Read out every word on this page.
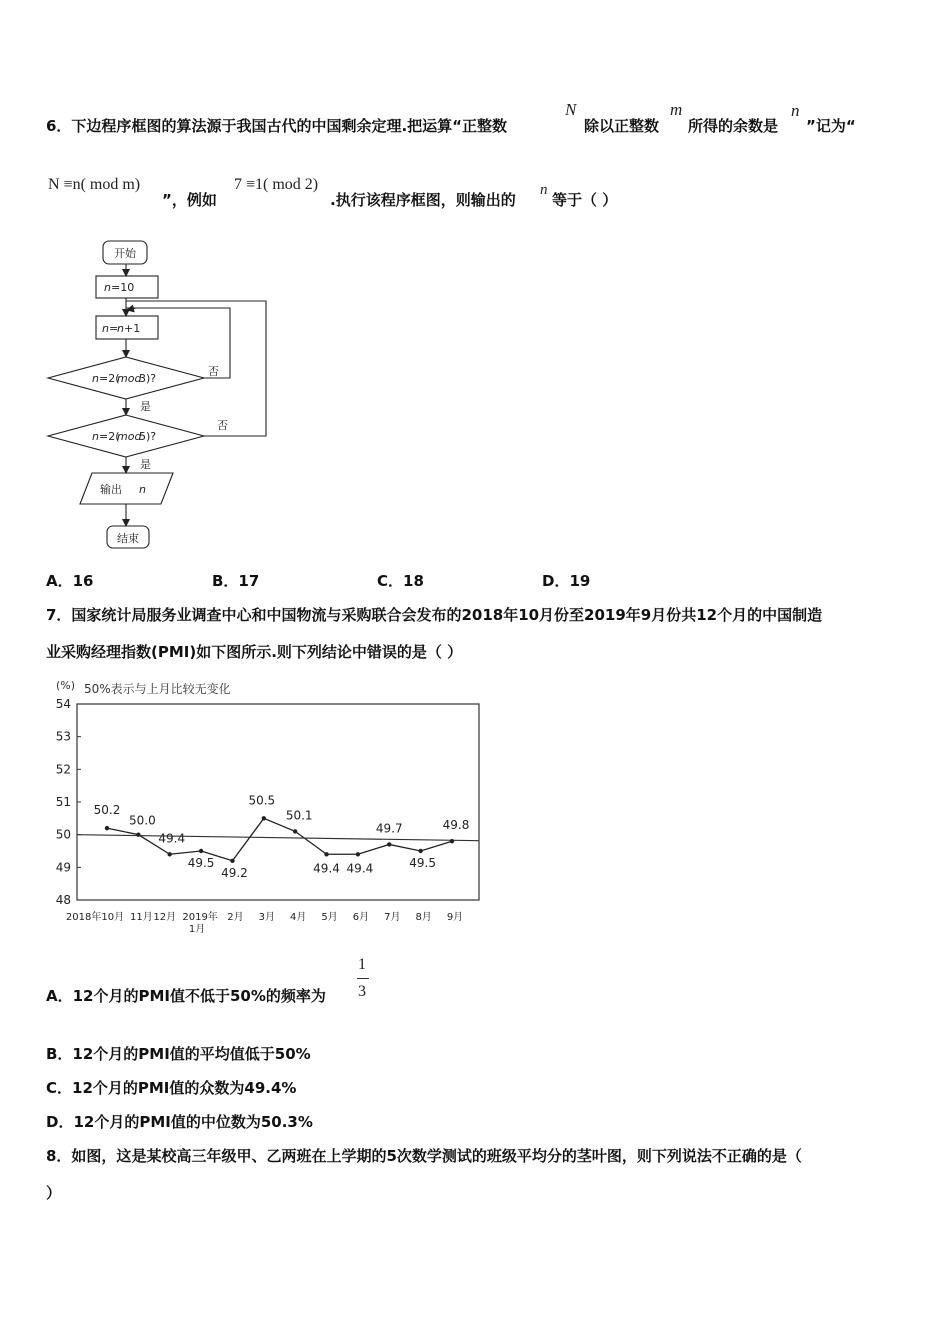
6．下边程序框图的算法源于我国古代的中国剩余定理.把运算“正整数
N
除以正整数
m
所得的余数是
n
”记为“
N ≡n( mod m)
”，例如
7 ≡1( mod 2)
.执行该程序框图，则输出的
n
等于（ ）
开始
n =10
n =
n +1
n =2(
mod
3)?
n =2(
mod
5)?
是
是
否
否
输出 n
结束
A．16	B．17	C．18	D．19
7．国家统计局服务业调查中心和中国物流与采购联合会发布的2018年10月份至2019年9月份共12个月的中国制造
业采购经理指数(PMI)如下图所示.则下列结论中错误的是（ ）
(%) 50%表示与上月比较无变化
48
49
50
51
52
53
54
2018年10月 11月 12月 2019年
1月
2月 3月 4月 5月 6月 7月 8月 9月
50.2
50.0
49.4
49.5
49.2
50.5
50.1
49.4 49.4
49.7
49.5
49.8
A．12个月的PMI值不低于50%的频率为
1
3
B．12个月的PMI值的平均值低于50%
C．12个月的PMI值的众数为49.4%
D．12个月的PMI值的中位数为50.3%
8．如图，这是某校高三年级甲、乙两班在上学期的5次数学测试的班级平均分的茎叶图，则下列说法不正确的是（
）
